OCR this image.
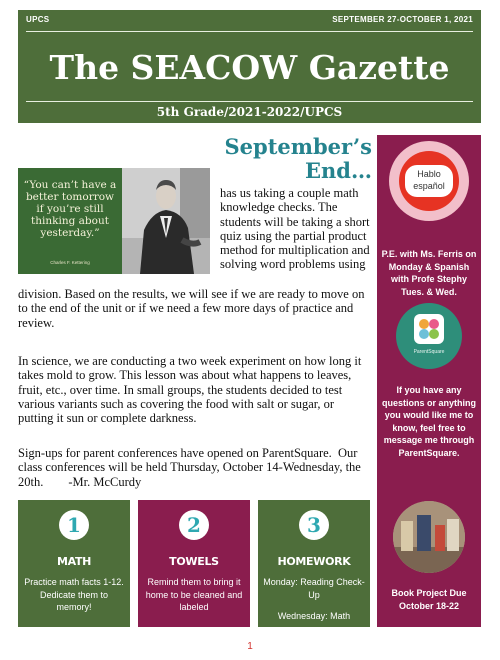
UPCS	SEPTEMBER 27-OCTOBER 1, 2021
The SEACOW Gazette
5th Grade/2021-2022/UPCS
September’s
End…
“You can’t have a better tomorrow if you’re still thinking about yesterday.”
Charles F. Kettering
has us taking a couple math knowledge checks. The students will be taking a short quiz using the partial product method for multiplication and solving word problems using
division. Based on the results, we will see if we are ready to move on to the end of the unit or if we need a few more days of practice and review.
In science, we are conducting a two week experiment on how long it takes mold to grow. This lesson was about what happens to leaves, fruit, etc., over time. In small groups, the students decided to test various variants such as covering the food with salt or sugar, or putting it sun or complete darkness.
Sign-ups for parent conferences have opened on ParentSquare.  Our
class conferences will be held Thursday, October 14-Wednesday, the
20th.        -Mr. McCurdy
Hablo español
P.E. with Ms. Ferris on Monday & Spanish with Profe Stephy Tues. & Wed.
ParentSquare
If you have any questions or anything you would like me to know, feel free to message me through ParentSquare.
Book Project Due October 18-22
1
MATH
Practice math facts 1-12. Dedicate them to memory!
2
TOWELS
Remind them to bring it home to be cleaned and labeled
3
HOMEWORK
Monday: Reading Check-Up
Wednesday: Math
1
